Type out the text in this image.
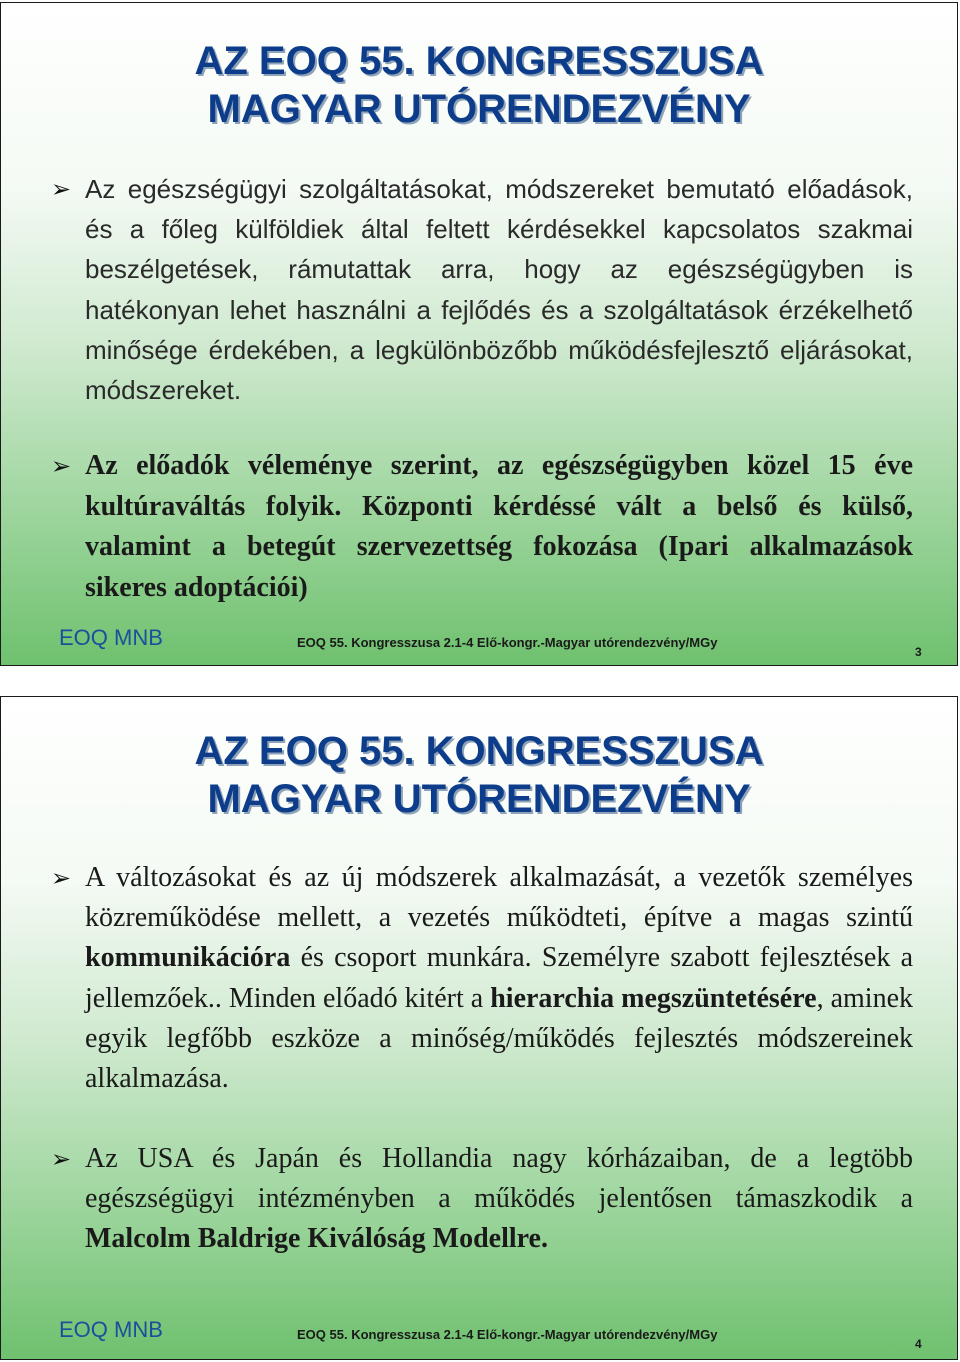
AZ EOQ 55. KONGRESSZUSA
MAGYAR UTÓRENDEZVÉNY
➢ Az egészségügyi szolgáltatásokat, módszereket bemutató előadások, és a főleg külföldiek által feltett kérdésekkel kapcsolatos szakmai beszélgetések, rámutattak arra, hogy az egészségügyben is hatékonyan lehet használni a fejlődés és a szolgáltatások érzékelhető minősége érdekében, a legkülönbözőbb működésfejlesztő eljárásokat, módszereket.
➢ Az előadók véleménye szerint, az egészségügyben közel 15 éve kultúraváltás folyik. Központi kérdéssé vált a belső és külső, valamint a betegút szervezettség fokozása (Ipari alkalmazások sikeres adoptációi)
EOQ MNB	EOQ 55. Kongresszusa 2.1-4 Elő-kongr.-Magyar utórendezvény/MGy
3
AZ EOQ 55. KONGRESSZUSA
MAGYAR UTÓRENDEZVÉNY
➢ A változásokat és az új módszerek alkalmazását, a vezetők személyes közreműködése mellett, a vezetés működteti, építve a magas szintű kommunikációra és csoport munkára. Személyre szabott fejlesztések a jellemzőek.. Minden előadó kitért a hierarchia megszüntetésére, aminek egyik legfőbb eszköze a minőség/működés fejlesztés módszereinek alkalmazása.
➢ Az USA és Japán és Hollandia nagy kórházaiban, de a legtöbb egészségügyi intézményben a működés jelentősen támaszkodik a Malcolm Baldrige Kiválóság Modellre.
EOQ MNB	EOQ 55. Kongresszusa 2.1-4 Elő-kongr.-Magyar utórendezvény/MGy
4
